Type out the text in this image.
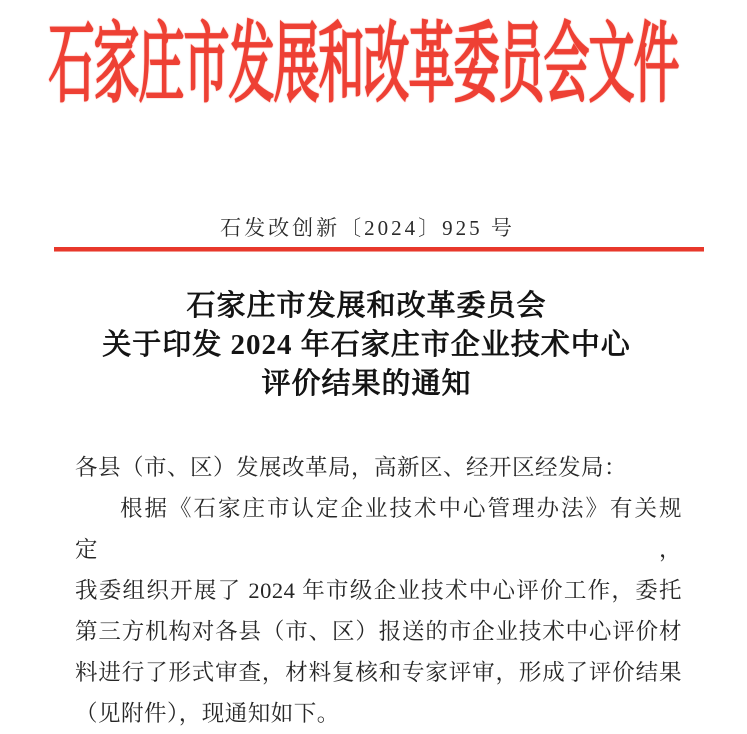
石家庄市发展和改革委员会文件
石发改创新〔2024〕925 号
石家庄市发展和改革委员会
关于印发 2024 年石家庄市企业技术中心
评价结果的通知
各县（市、区）发展改革局，高新区、经开区经发局：
根据《石家庄市认定企业技术中心管理办法》有关规定，
我委组织开展了 2024 年市级企业技术中心评价工作，委托
第三方机构对各县（市、区）报送的市企业技术中心评价材
料进行了形式审查，材料复核和专家评审，形成了评价结果
（见附件），现通知如下。
